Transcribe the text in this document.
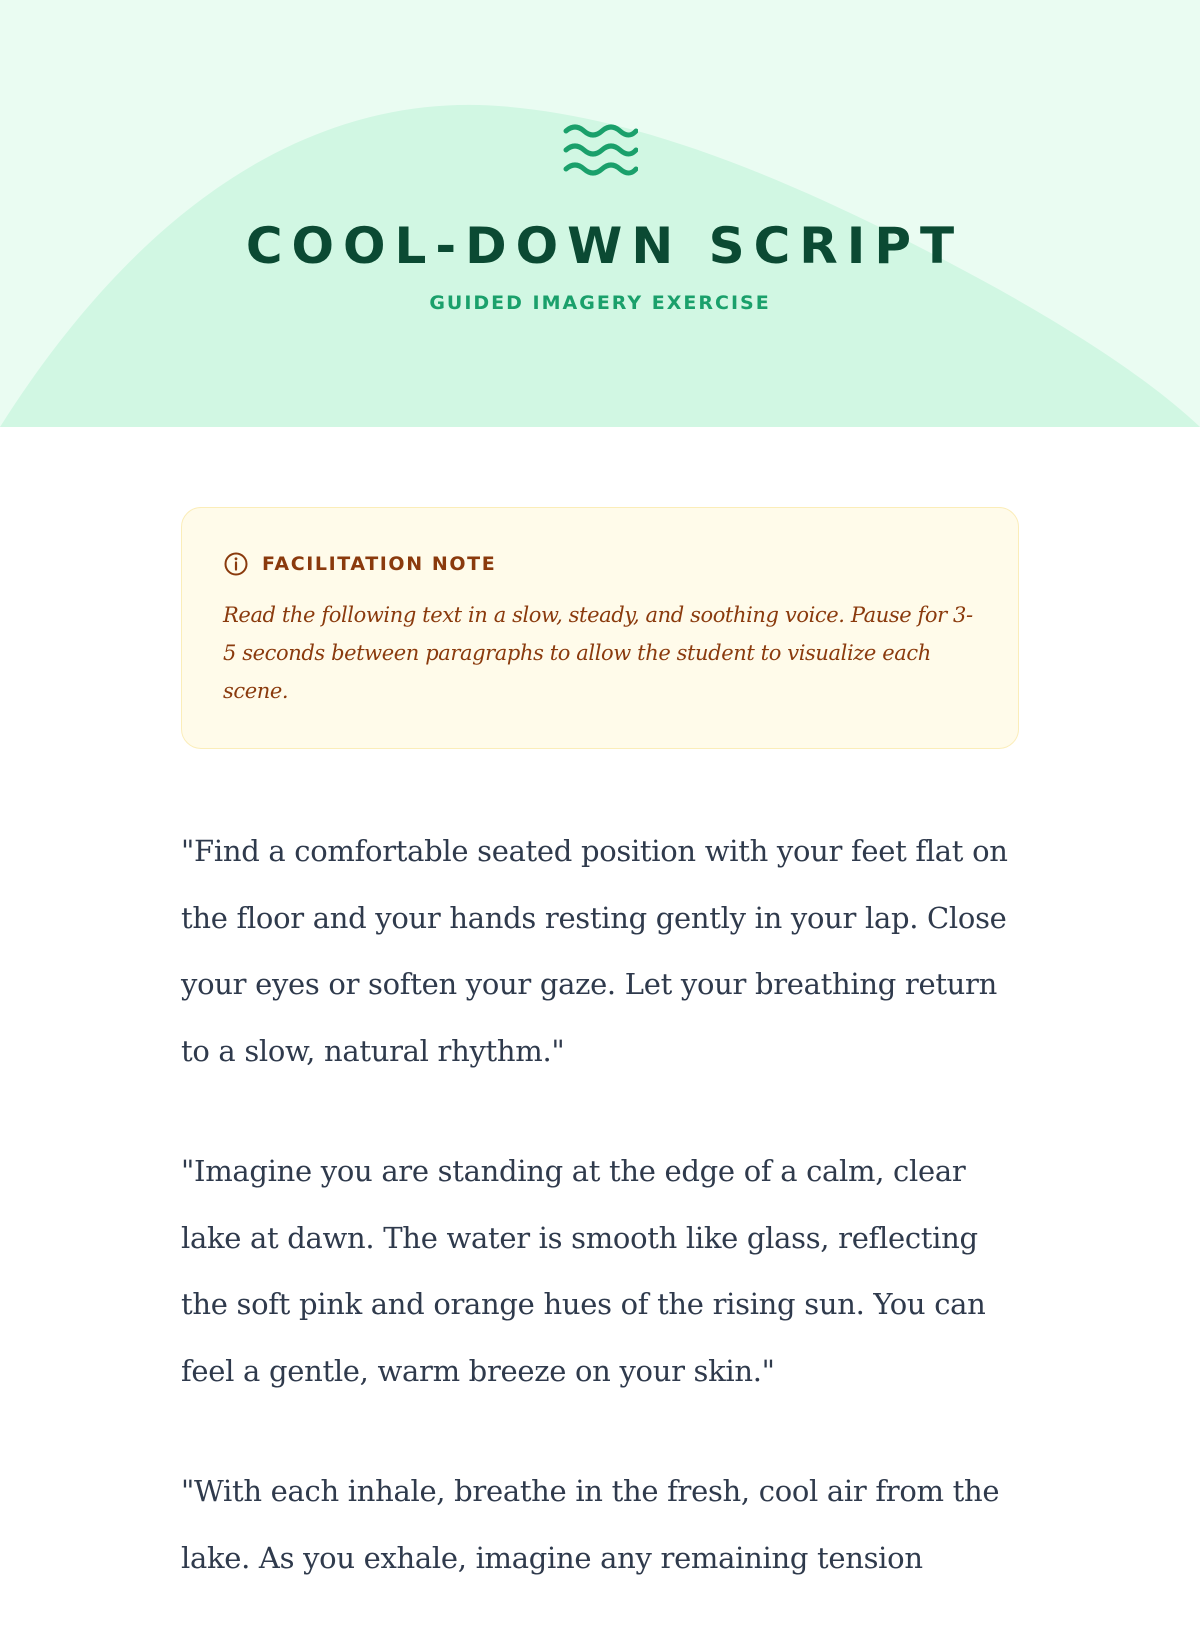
COOL-DOWN SCRIPT
GUIDED IMAGERY EXERCISE
FACILITATION NOTE

Read the following text in a slow, steady, and soothing voice. Pause for 3-5 seconds between paragraphs to allow the student to visualize each scene.

"Find a comfortable seated position with your feet flat on the floor and your hands resting gently in your lap. Close your eyes or soften your gaze. Let your breathing return to a slow, natural rhythm."

"Imagine you are standing at the edge of a calm, clear lake at dawn. The water is smooth like glass, reflecting the soft pink and orange hues of the rising sun. You can feel a gentle, warm breeze on your skin."

"With each inhale, breathe in the fresh, cool air from the lake. As you exhale, imagine any remaining tension
